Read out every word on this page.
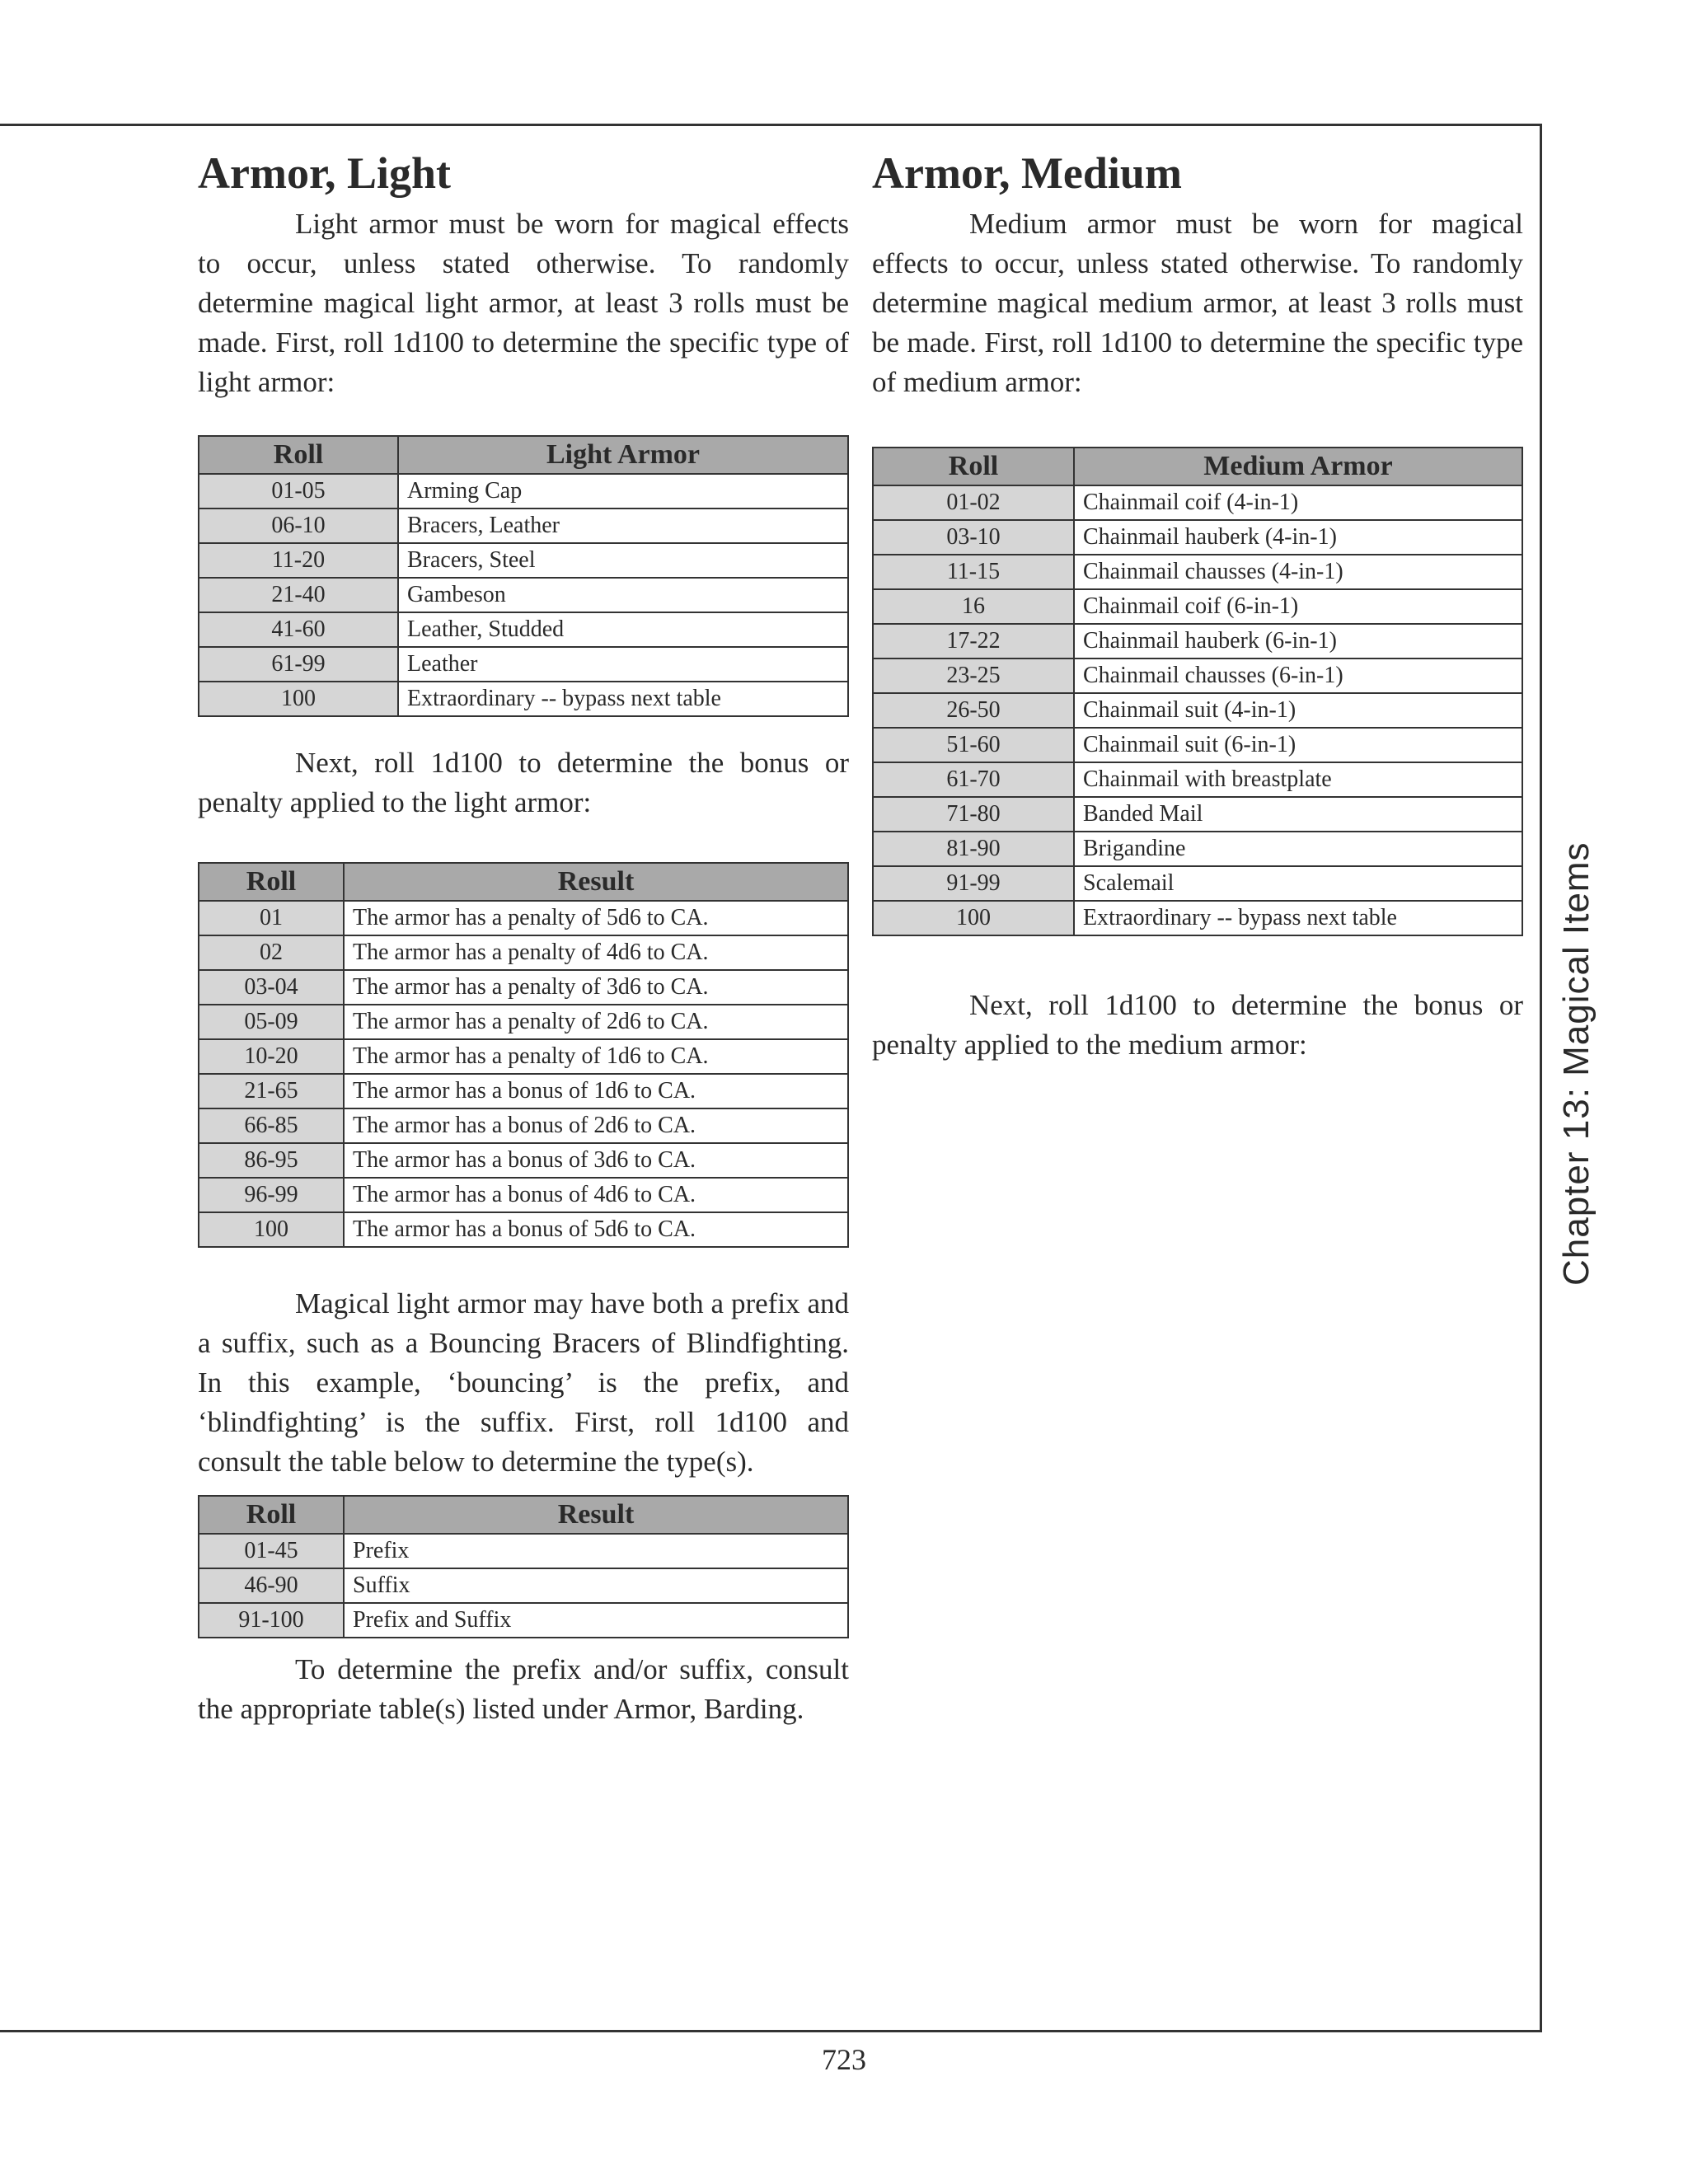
Armor, Light

Light armor must be worn for magical effects to occur, unless stated otherwise. To randomly determine magical light armor, at least 3 rolls must be made. First, roll 1d100 to determine the specific type of light armor:

Roll	Light Armor
01-05	Arming Cap
06-10	Bracers, Leather
11-20	Bracers, Steel
21-40	Gambeson
41-60	Leather, Studded
61-99	Leather
100	Extraordinary -- bypass next table

Next, roll 1d100 to determine the bonus or penalty applied to the light armor:

Roll	Result
01	The armor has a penalty of 5d6 to CA.
02	The armor has a penalty of 4d6 to CA.
03-04	The armor has a penalty of 3d6 to CA.
05-09	The armor has a penalty of 2d6 to CA.
10-20	The armor has a penalty of 1d6 to CA.
21-65	The armor has a bonus of 1d6 to CA.
66-85	The armor has a bonus of 2d6 to CA.
86-95	The armor has a bonus of 3d6 to CA.
96-99	The armor has a bonus of 4d6 to CA.
100	The armor has a bonus of 5d6 to CA.

Magical light armor may have both a prefix and a suffix, such as a Bouncing Bracers of Blindfighting. In this example, ‘bouncing’ is the prefix, and ‘blindfighting’ is the suffix. First, roll 1d100 and consult the table below to determine the type(s).

Roll	Result
01-45	Prefix
46-90	Suffix
91-100	Prefix and Suffix

To determine the prefix and/or suffix, consult the appropriate table(s) listed under Armor, Barding.

Armor, Medium

Medium armor must be worn for magical effects to occur, unless stated otherwise. To randomly determine magical medium armor, at least 3 rolls must be made. First, roll 1d100 to determine the specific type of medium armor:

Roll	Medium Armor
01-02	Chainmail coif (4-in-1)
03-10	Chainmail hauberk (4-in-1)
11-15	Chainmail chausses (4-in-1)
16	Chainmail coif (6-in-1)
17-22	Chainmail hauberk (6-in-1)
23-25	Chainmail chausses (6-in-1)
26-50	Chainmail suit (4-in-1)
51-60	Chainmail suit (6-in-1)
61-70	Chainmail with breastplate
71-80	Banded Mail
81-90	Brigandine
91-99	Scalemail
100	Extraordinary -- bypass next table

Next, roll 1d100 to determine the bonus or penalty applied to the medium armor:	Chapter 13: Magical Items
723
